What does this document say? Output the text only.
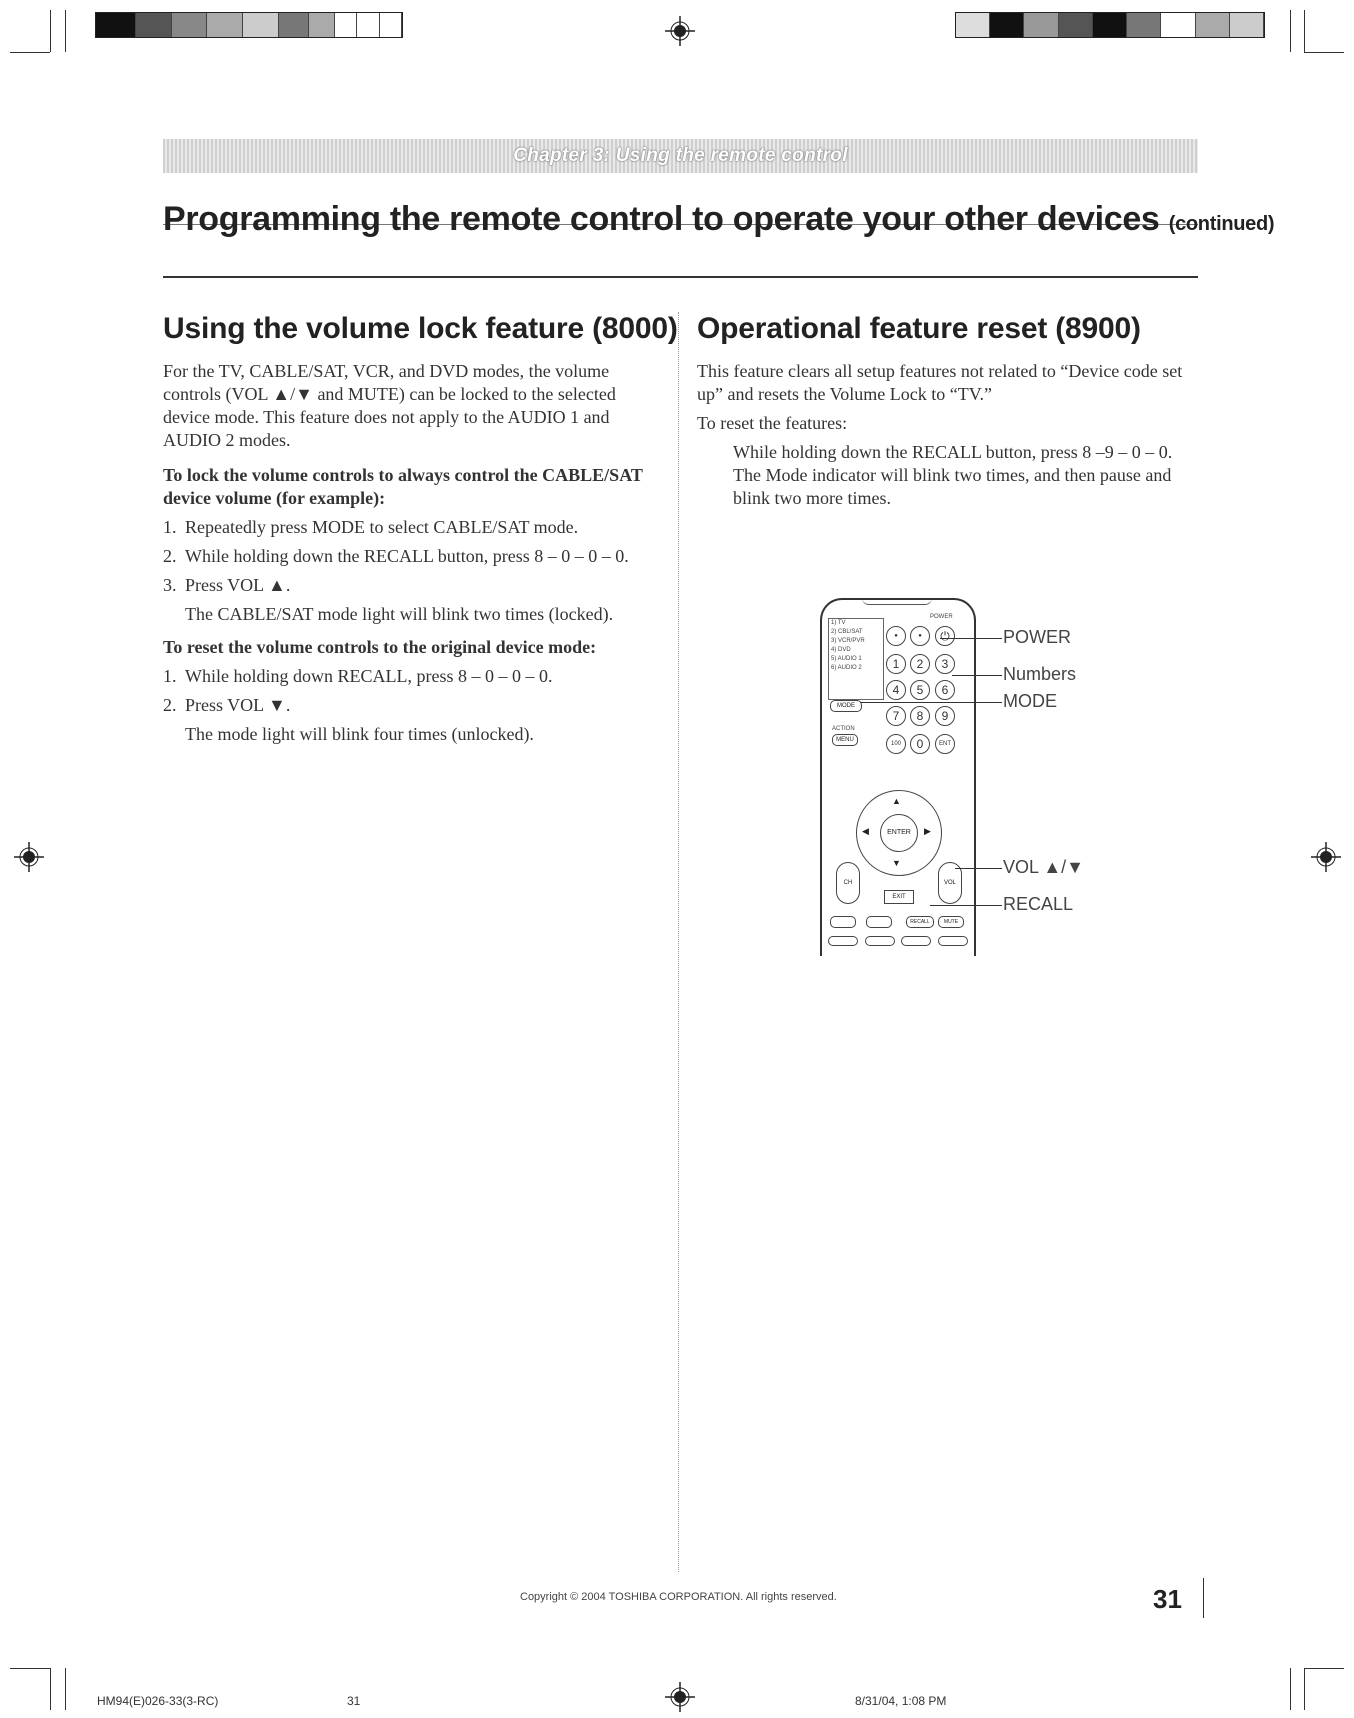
Chapter 3: Using the remote control
Programming the remote control to operate your other devices (continued)
Using the volume lock feature (8000)

For the TV, CABLE/SAT, VCR, and DVD modes, the volume controls (VOL ▲/▼ and MUTE) can be locked to the selected device mode. This feature does not apply to the AUDIO 1 and AUDIO 2 modes.

To lock the volume controls to always control the CABLE/SAT device volume (for example):

1. Repeatedly press MODE to select CABLE/SAT mode.
2. While holding down the RECALL button, press 8 – 0 – 0 – 0.
3. Press VOL ▲.
The CABLE/SAT mode light will blink two times (locked).

To reset the volume controls to the original device mode:

1. While holding down RECALL, press 8 – 0 – 0 – 0.
2. Press VOL ▼.
The mode light will blink four times (unlocked).
Operational feature reset (8900)

This feature clears all setup features not related to “Device code set up” and resets the Volume Lock to “TV.”

To reset the features:

While holding down the RECALL button, press 8 –9 – 0 – 0. The Mode indicator will blink two times, and then pause and blink two more times.

1) TV
2) CBL/SAT
3) VCR/PVR
4) DVD
5) AUDIO 1
6) AUDIO 2
POWER
●	●	⏻
1	2	3
4	5	6
7	8	9
100	0	ENT
MODE
ACTION
MENU
ENTER
▲
▼
◀	▶
CH	VOL
EXIT
RECALL	MUTE
POWER
Numbers
MODE
VOL ▲/▼
RECALL
Copyright © 2004 TOSHIBA CORPORATION. All rights reserved.	31
HM94(E)026-33(3-RC)	31	8/31/04, 1:08 PM
